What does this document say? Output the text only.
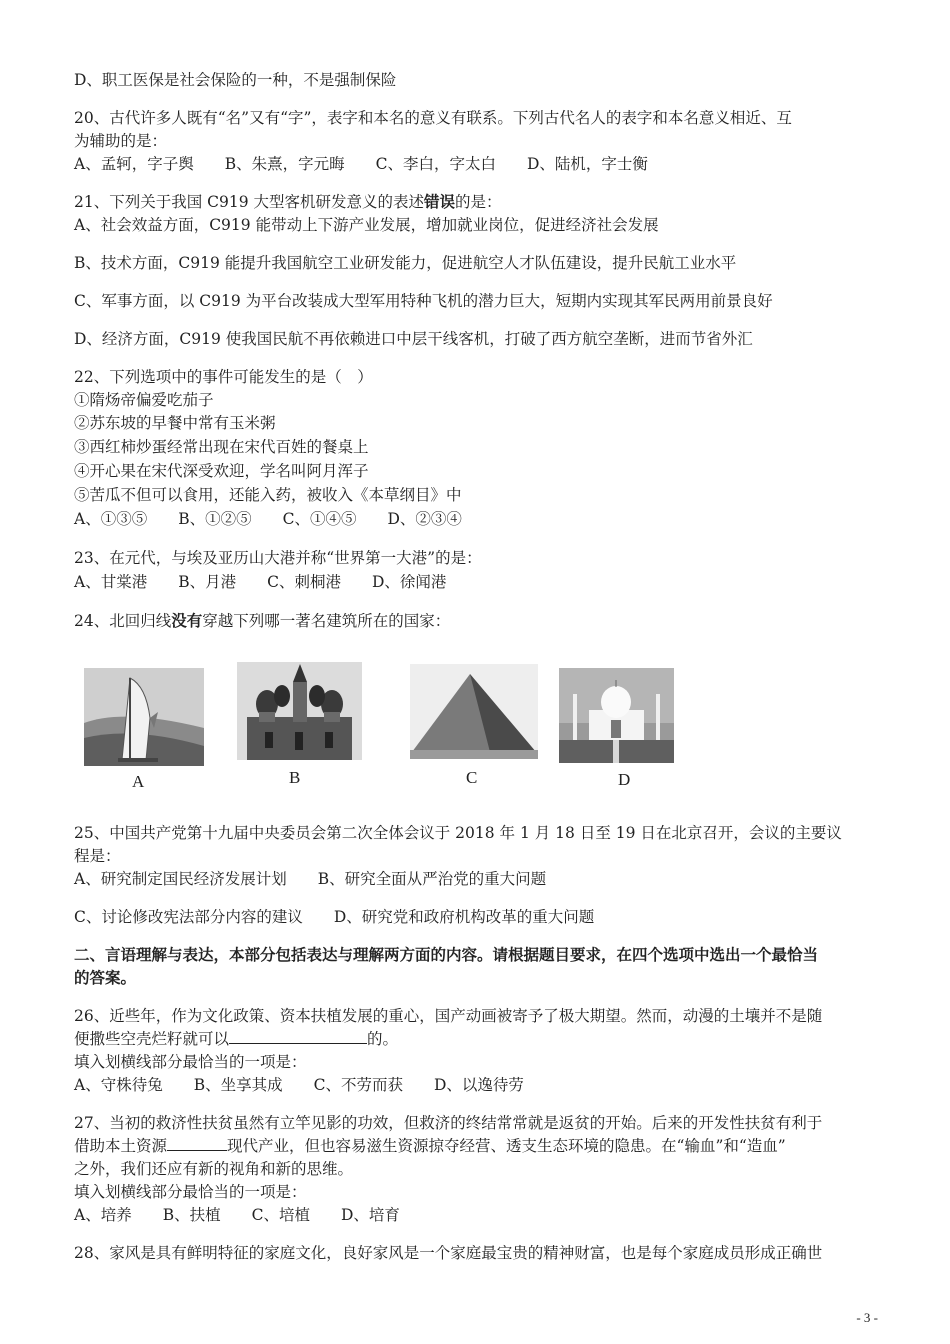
D、职工医保是社会保险的一种，不是强制保险
20、古代许多人既有“名”又有“字”，表字和本名的意义有联系。下列古代名人的表字和本名意义相近、互
为辅助的是：
A、孟轲，字子舆　　B、朱熹，字元晦　　C、李白，字太白　　D、陆机，字士衡
21、下列关于我国 C919 大型客机研发意义的表述错误的是：
A、社会效益方面，C919 能带动上下游产业发展，增加就业岗位，促进经济社会发展
B、技术方面，C919 能提升我国航空工业研发能力，促进航空人才队伍建设，提升民航工业水平
C、军事方面，以 C919 为平台改装成大型军用特种飞机的潜力巨大，短期内实现其军民两用前景良好
D、经济方面，C919 使我国民航不再依赖进口中层干线客机，打破了西方航空垄断，进而节省外汇
22、下列选项中的事件可能发生的是（　）
①隋炀帝偏爱吃茄子
②苏东坡的早餐中常有玉米粥
③西红柿炒蛋经常出现在宋代百姓的餐桌上
④开心果在宋代深受欢迎，学名叫阿月浑子
⑤苦瓜不但可以食用，还能入药，被收入《本草纲目》中
A、①③⑤　　B、①②⑤　　C、①④⑤　　D、②③④
23、在元代，与埃及亚历山大港并称“世界第一大港”的是：
A、甘棠港　　B、月港　　C、刺桐港　　D、徐闻港
24、北回归线没有穿越下列哪一著名建筑所在的国家：
A	B	C	D
25、中国共产党第十九届中央委员会第二次全体会议于 2018 年 1 月 18 日至 19 日在北京召开，会议的主要议
程是：
A、研究制定国民经济发展计划　　B、研究全面从严治党的重大问题
C、讨论修改宪法部分内容的建议　　D、研究党和政府机构改革的重大问题
二、言语理解与表达，本部分包括表达与理解两方面的内容。请根据题目要求，在四个选项中选出一个最恰当
的答案。
26、近些年，作为文化政策、资本扶植发展的重心，国产动画被寄予了极大期望。然而，动漫的土壤并不是随
便撒些空壳烂籽就可以	的。
填入划横线部分最恰当的一项是：
A、守株待兔　　B、坐享其成　　C、不劳而获　　D、以逸待劳
27、当初的救济性扶贫虽然有立竿见影的功效，但救济的终结常常就是返贫的开始。后来的开发性扶贫有利于
借助本土资源	现代产业，但也容易滋生资源掠夺经营、透支生态环境的隐患。在“输血”和“造血”
之外，我们还应有新的视角和新的思维。
填入划横线部分最恰当的一项是：
A、培养　　B、扶植　　C、培植　　D、培育
28、家风是具有鲜明特征的家庭文化，良好家风是一个家庭最宝贵的精神财富，也是每个家庭成员形成正确世
- 3 -
